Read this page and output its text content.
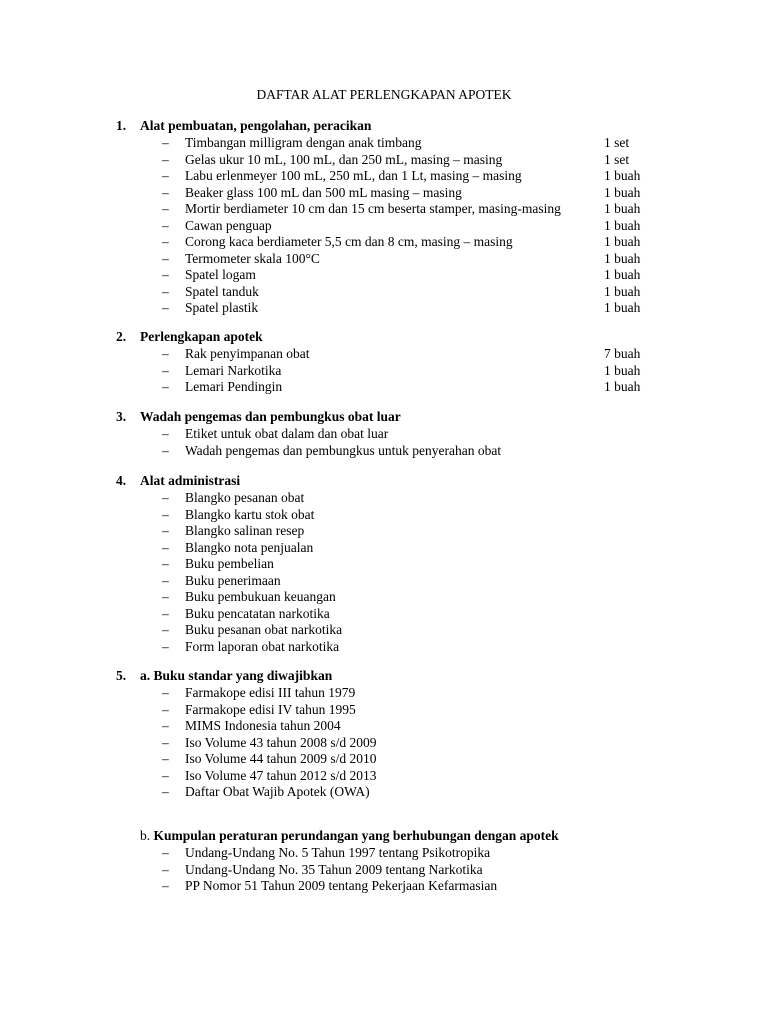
DAFTAR ALAT PERLENGKAPAN APOTEK
1. Alat pembuatan, pengolahan, peracikan
– Timbangan milligram dengan anak timbang	1 set
– Gelas ukur 10 mL, 100 mL, dan 250 mL, masing – masing	1 set
– Labu erlenmeyer 100 mL, 250 mL, dan 1 Lt, masing – masing	1 buah
– Beaker glass 100 mL dan 500 mL masing – masing	1 buah
– Mortir berdiameter 10 cm dan 15 cm beserta stamper, masing-masing	1 buah
– Cawan penguap	1 buah
– Corong kaca berdiameter 5,5 cm dan 8 cm, masing – masing	1 buah
– Termometer skala 100°C	1 buah
– Spatel logam	1 buah
– Spatel tanduk	1 buah
– Spatel plastik	1 buah
2. Perlengkapan apotek
– Rak penyimpanan obat	7 buah
– Lemari Narkotika	1 buah
– Lemari Pendingin	1 buah
3. Wadah pengemas dan pembungkus obat luar
– Etiket untuk obat dalam dan obat luar
– Wadah pengemas dan pembungkus untuk penyerahan obat
4. Alat administrasi
– Blangko pesanan obat
– Blangko kartu stok obat
– Blangko salinan resep
– Blangko nota penjualan
– Buku pembelian
– Buku penerimaan
– Buku pembukuan keuangan
– Buku pencatatan narkotika
– Buku pesanan obat narkotika
– Form laporan obat narkotika
5. a. Buku standar yang diwajibkan
– Farmakope edisi III tahun 1979
– Farmakope edisi IV tahun 1995
– MIMS Indonesia tahun 2004
– Iso Volume 43 tahun 2008 s/d 2009
– Iso Volume 44 tahun 2009 s/d 2010
– Iso Volume 47 tahun 2012 s/d 2013
– Daftar Obat Wajib Apotek (OWA)
b. Kumpulan peraturan perundangan yang berhubungan dengan apotek
– Undang-Undang No. 5 Tahun 1997 tentang Psikotropika
– Undang-Undang No. 35 Tahun 2009 tentang Narkotika
– PP Nomor 51 Tahun 2009 tentang Pekerjaan Kefarmasian
